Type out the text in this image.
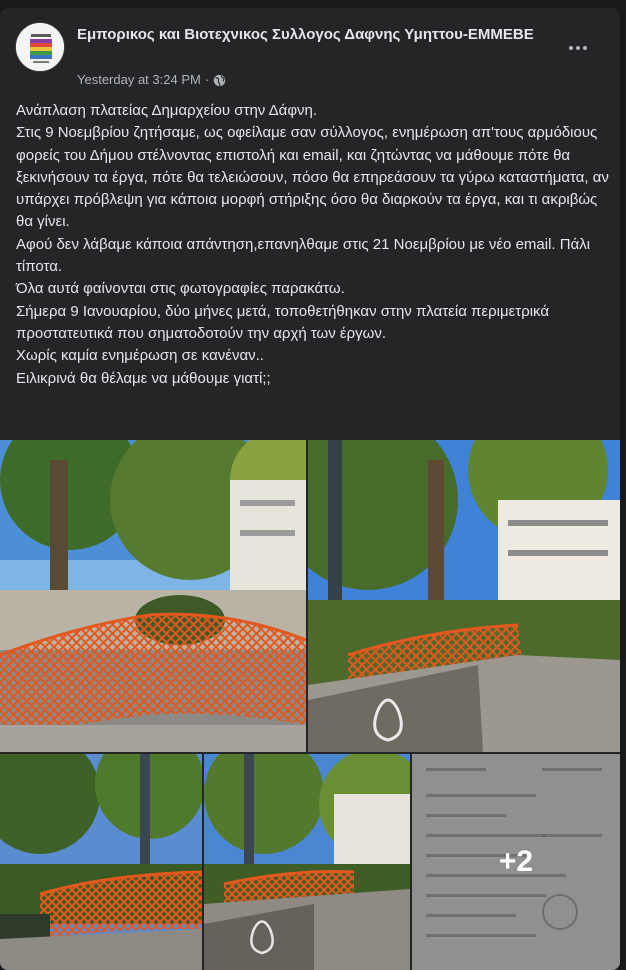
Εμπορικος και Βιοτεχνικος Συλλογος Δαφνης Υμηττου-ΕΜΜΕΒΕ
Yesterday at 3:24 PM ·
Ανάπλαση πλατείας Δημαρχείου στην Δάφνη.
Στις 9 Νοεμβρίου ζητήσαμε, ως οφείλαμε σαν σύλλογος, ενημέρωση απ'τους αρμόδιους φορείς του Δήμου στέλνοντας επιστολή και email, και ζητώντας να μάθουμε πότε θα ξεκινήσουν τα έργα, πότε θα τελειώσουν, πόσο θα επηρεάσουν τα γύρω καταστήματα, αν υπάρχει πρόβλεψη για κάποια μορφή στήριξης όσο θα διαρκούν τα έργα, και τι ακριβώς θα γίνει.
Αφού δεν λάβαμε κάποια απάντηση,επανηλθαμε στις 21 Νοεμβρίου με νέο email. Πάλι τίποτα.
Όλα αυτά φαίνονται στις φωτογραφίες παρακάτω.
Σήμερα 9 Ιανουαρίου, δύο μήνες μετά, τοποθετήθηκαν στην πλατεία περιμετρικά προστατευτικά που σηματοδοτούν την αρχή των έργων.
Χωρίς καμία ενημέρωση σε κανέναν..
Ειλικρινά θα θέλαμε να μάθουμε γιατί;;
+2
